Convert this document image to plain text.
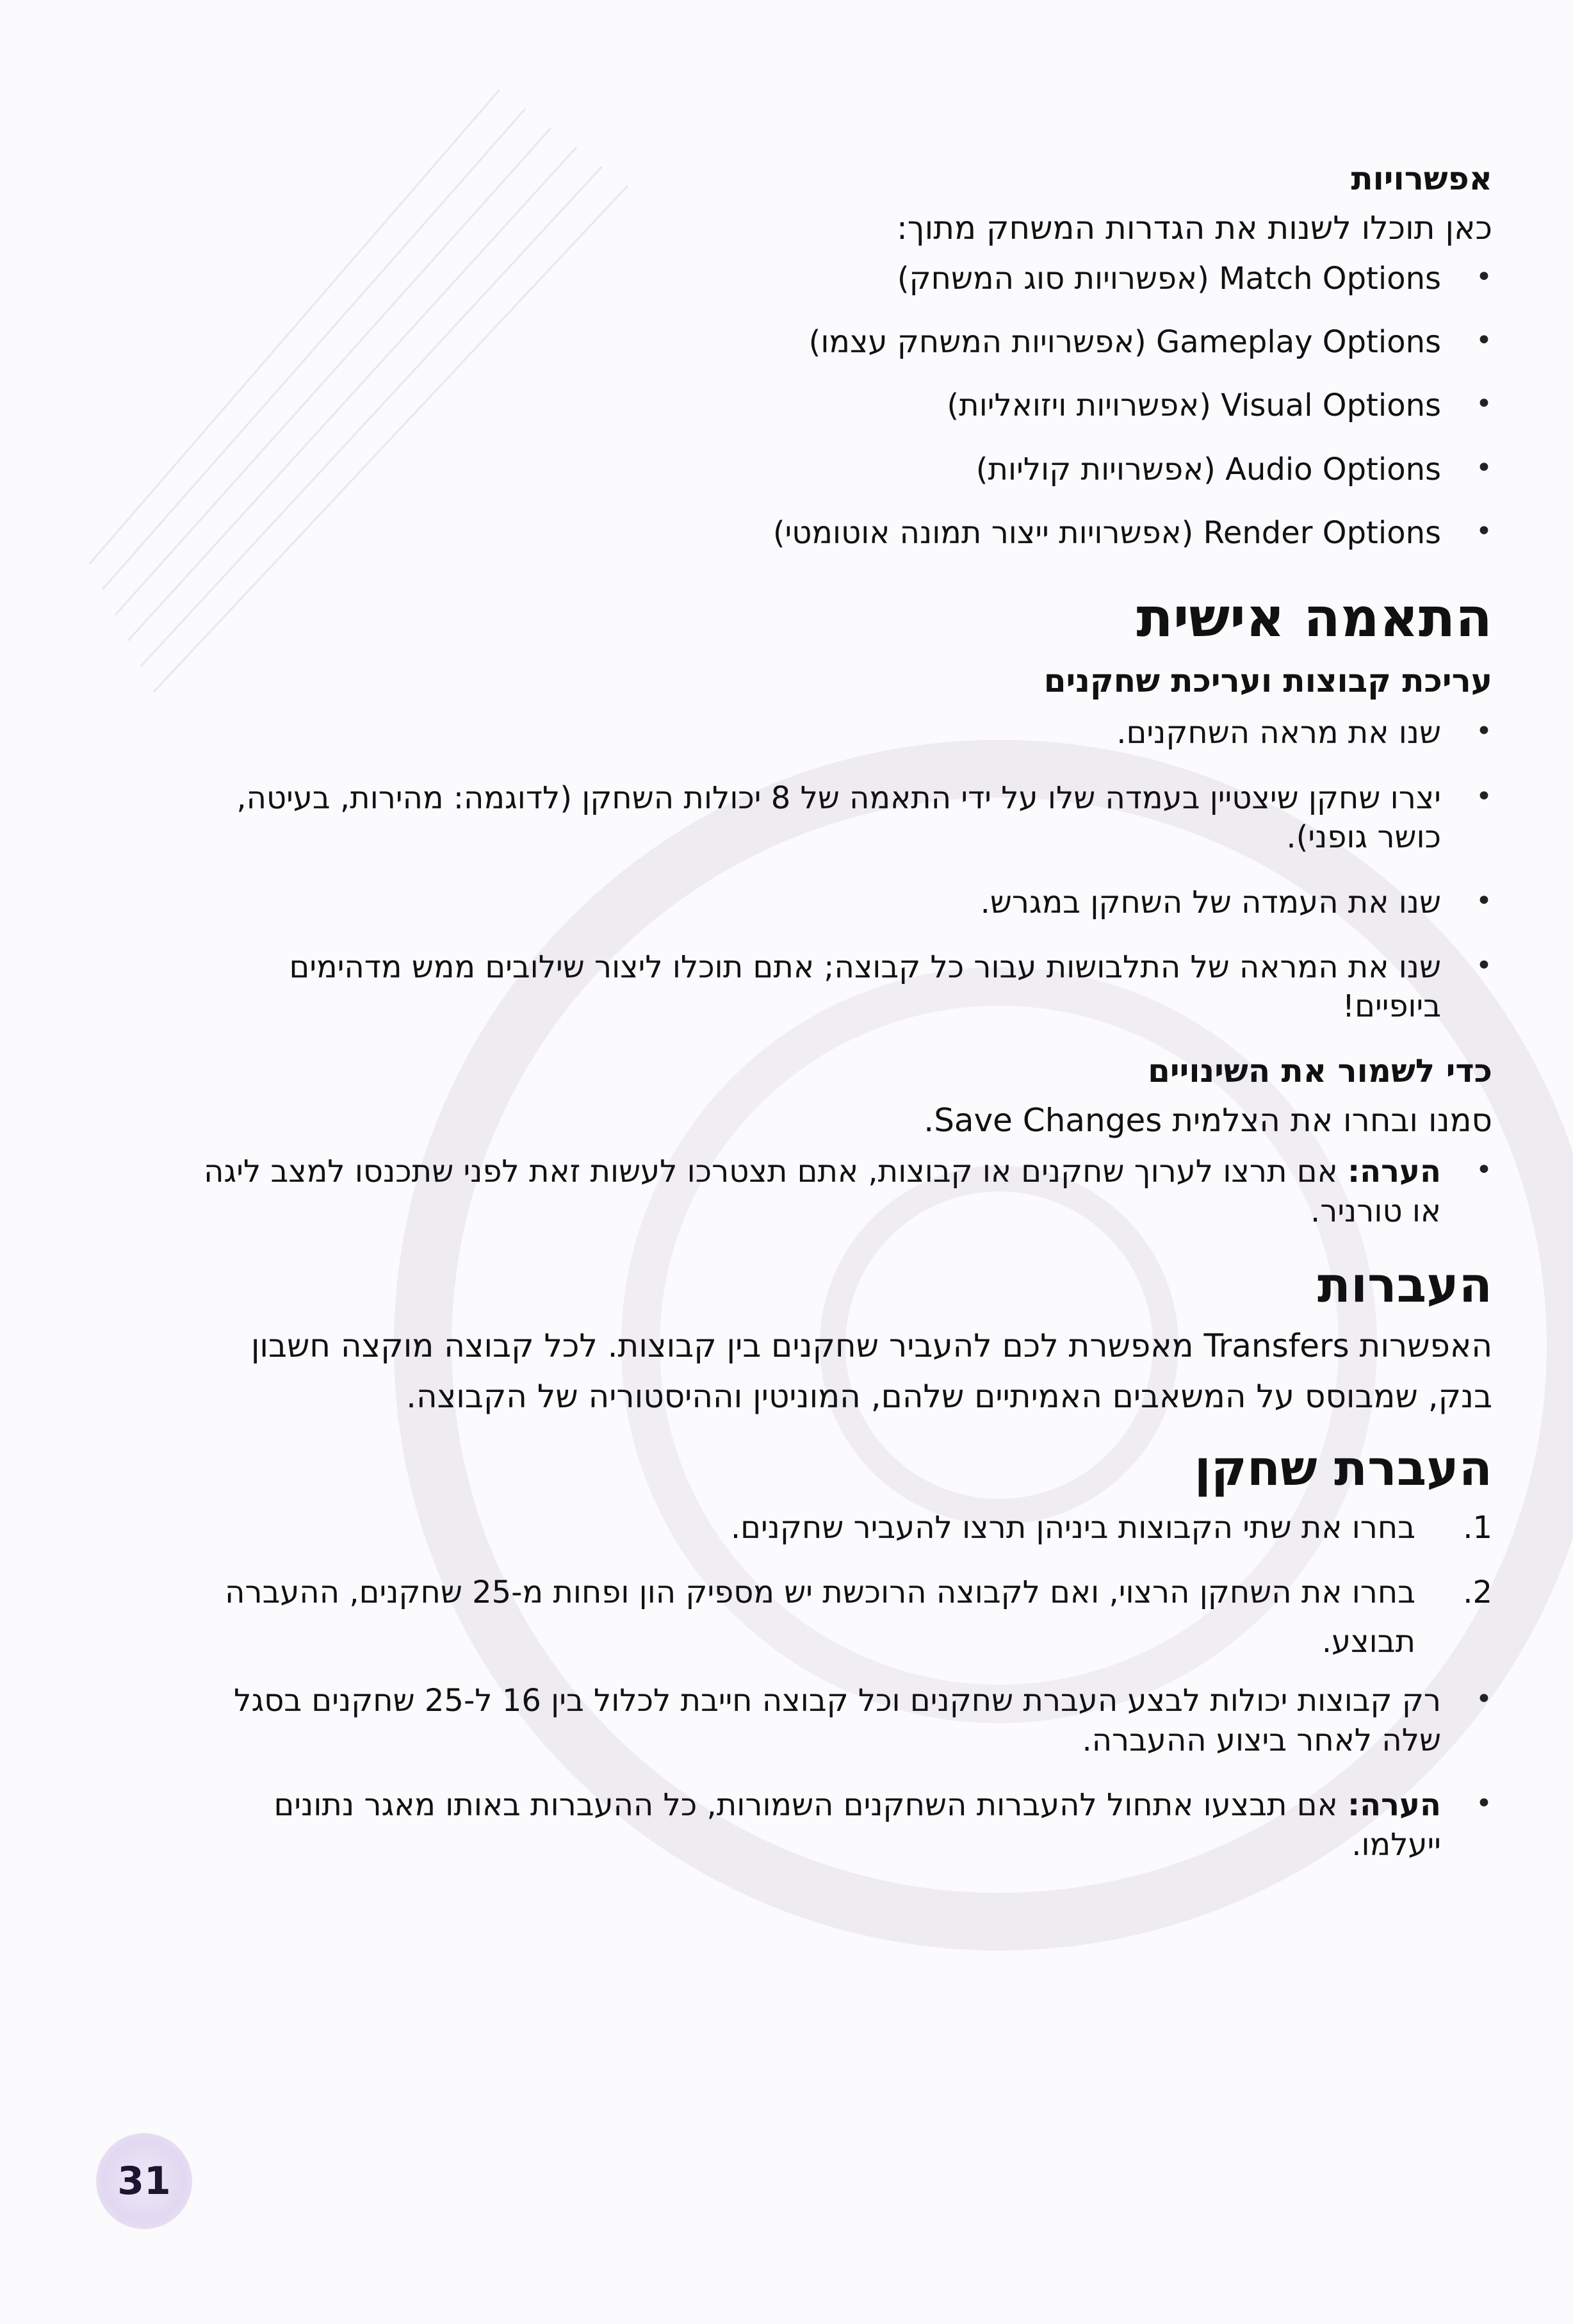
אפשרויות

כאן תוכלו לשנות את הגדרות המשחק מתוך:

•
Match Options (אפשרויות סוג המשחק)
•
Gameplay Options (אפשרויות המשחק עצמו)
•
Visual Options (אפשרויות ויזואליות)
•
Audio Options (אפשרויות קוליות)
•
Render Options (אפשרויות ייצור תמונה אוטומטי)
התאמה אישית
עריכת קבוצות ועריכת שחקנים
•
שנו את מראה השחקנים.
•
יצרו שחקן שיצטיין בעמדה שלו על ידי התאמה של 8 יכולות השחקן (לדוגמה: מהירות, בעיטה, כושר גופני).
•
שנו את העמדה של השחקן במגרש.
•
שנו את המראה של התלבושות עבור כל קבוצה; אתם תוכלו ליצור שילובים ממש מדהימים ביופיים!
כדי לשמור את השינויים

סמנו ובחרו את הצלמית Save Changes.

•
הערה: אם תרצו לערוך שחקנים או קבוצות, אתם תצטרכו לעשות זאת לפני שתכנסו למצב ליגה או טורניר.
העברות

האפשרות Transfers מאפשרת לכם להעביר שחקנים בין קבוצות. לכל קבוצה מוקצה חשבון בנק, שמבוסס על המשאבים האמיתיים שלהם, המוניטין וההיסטוריה של הקבוצה.

העברת שחקן
1.
בחרו את שתי הקבוצות ביניהן תרצו להעביר שחקנים.
2.
בחרו את השחקן הרצוי, ואם לקבוצה הרוכשת יש מספיק הון ופחות מ-25 שחקנים, ההעברה תבוצע.
•
רק קבוצות יכולות לבצע העברת שחקנים וכל קבוצה חייבת לכלול בין 16 ל-25 שחקנים בסגל שלה לאחר ביצוע ההעברה.
•
הערה: אם תבצעו אתחול להעברות השחקנים השמורות, כל ההעברות באותו מאגר נתונים ייעלמו.
31
